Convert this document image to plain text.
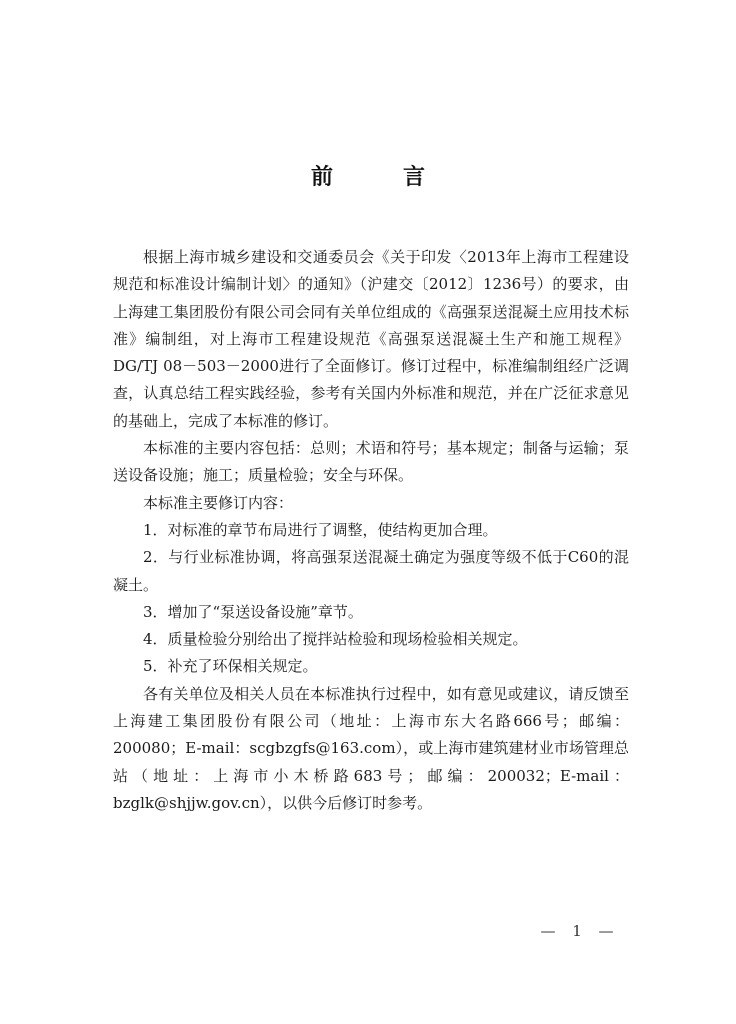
前　言

根据上海市城乡建设和交通委员会《关于印发〈2013年上海市工程建设规范和标准设计编制计划〉的通知》（沪建交〔2012〕1236号）的要求，由上海建工集团股份有限公司会同有关单位组成的《高强泵送混凝土应用技术标准》编制组，对上海市工程建设规范《高强泵送混凝土生产和施工规程》DG/TJ 08－503－2000进行了全面修订。修订过程中，标准编制组经广泛调查，认真总结工程实践经验，参考有关国内外标准和规范，并在广泛征求意见的基础上，完成了本标准的修订。

本标准的主要内容包括：总则；术语和符号；基本规定；制备与运输；泵送设备设施；施工；质量检验；安全与环保。

本标准主要修订内容：

1．对标准的章节布局进行了调整，使结构更加合理。

2．与行业标准协调，将高强泵送混凝土确定为强度等级不低于C60的混凝土。

3．增加了“泵送设备设施”章节。

4．质量检验分别给出了搅拌站检验和现场检验相关规定。

5．补充了环保相关规定。

各有关单位及相关人员在本标准执行过程中，如有意见或建议，请反馈至上海建工集团股份有限公司（地址：上海市东大名路666号；邮编：200080；E-mail：scgbzgfs@163.com），或上海市建筑建材业市场管理总站（地址：上海市小木桥路683号；邮编：200032；E-mail：bzglk@shjjw.gov.cn），以供今后修订时参考。

— 1 —
